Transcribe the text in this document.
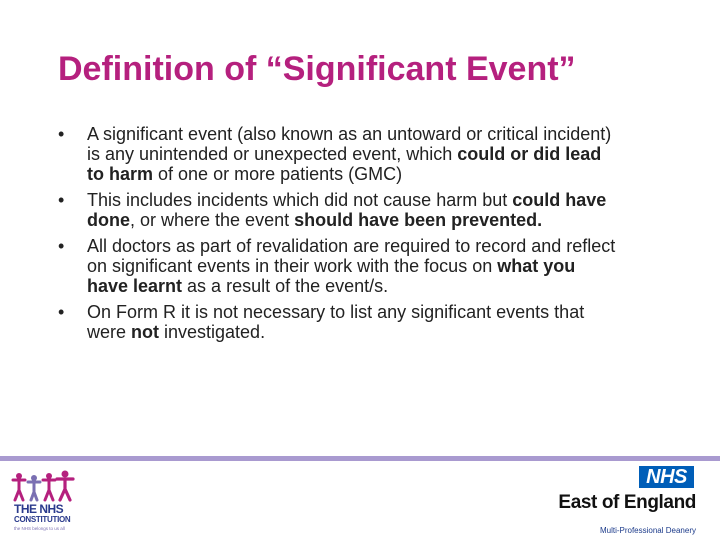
Definition of “Significant Event”
•	A significant event (also known as an untoward or critical incident) is any unintended or unexpected event, which could or did lead to harm of one or more patients (GMC)
•	This includes incidents which did not cause harm but could have done, or where the event should have been prevented.
•	All doctors as part of revalidation are required to record and reflect on significant events in their work with the focus on what you have learnt as a result of the event/s.
•	On Form R it is not necessary to list any significant events that were not investigated.
THE NHS
CONSTITUTION
the NHS belongs to us all
NHS
East of England
Multi-Professional Deanery
